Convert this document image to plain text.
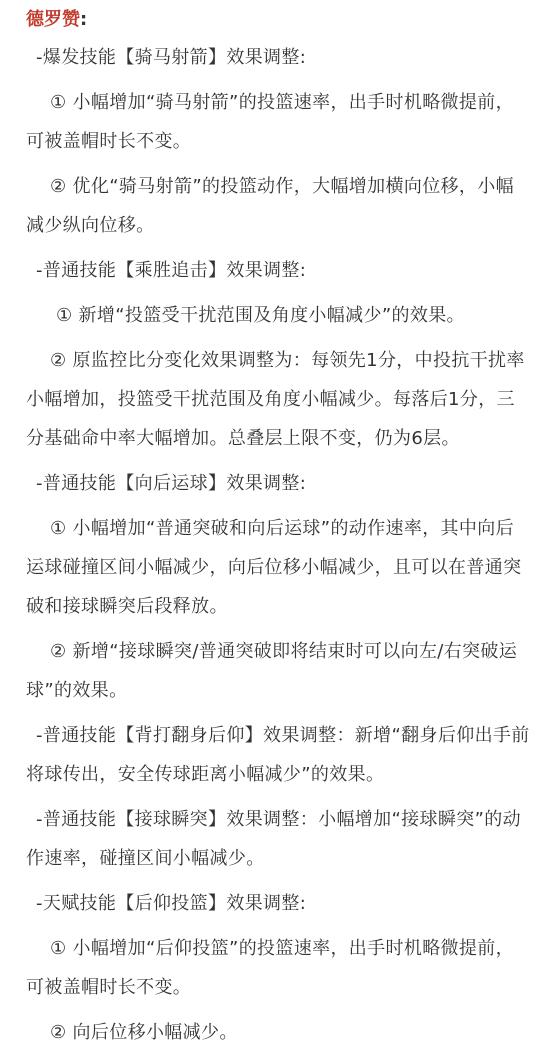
德罗赞:

-爆发技能【骑马射箭】效果调整:

① 小幅增加“骑马射箭”的投篮速率，出手时机略微提前，可被盖帽时长不变。

② 优化“骑马射箭”的投篮动作，大幅增加横向位移，小幅减少纵向位移。

-普通技能【乘胜追击】效果调整:

① 新增“投篮受干扰范围及角度小幅减少”的效果。

② 原监控比分变化效果调整为：每领先1分，中投抗干扰率小幅增加，投篮受干扰范围及角度小幅减少。每落后1分，三分基础命中率大幅增加。总叠层上限不变，仍为6层。

-普通技能【向后运球】效果调整:

① 小幅增加“普通突破和向后运球”的动作速率，其中向后运球碰撞区间小幅减少，向后位移小幅减少，且可以在普通突破和接球瞬突后段释放。

② 新增“接球瞬突/普通突破即将结束时可以向左/右突破运球”的效果。

-普通技能【背打翻身后仰】效果调整：新增“翻身后仰出手前将球传出，安全传球距离小幅减少”的效果。

-普通技能【接球瞬突】效果调整：小幅增加“接球瞬突”的动作速率，碰撞区间小幅减少。

-天赋技能【后仰投篮】效果调整:

① 小幅增加“后仰投篮”的投篮速率，出手时机略微提前，可被盖帽时长不变。

② 向后位移小幅减少。
